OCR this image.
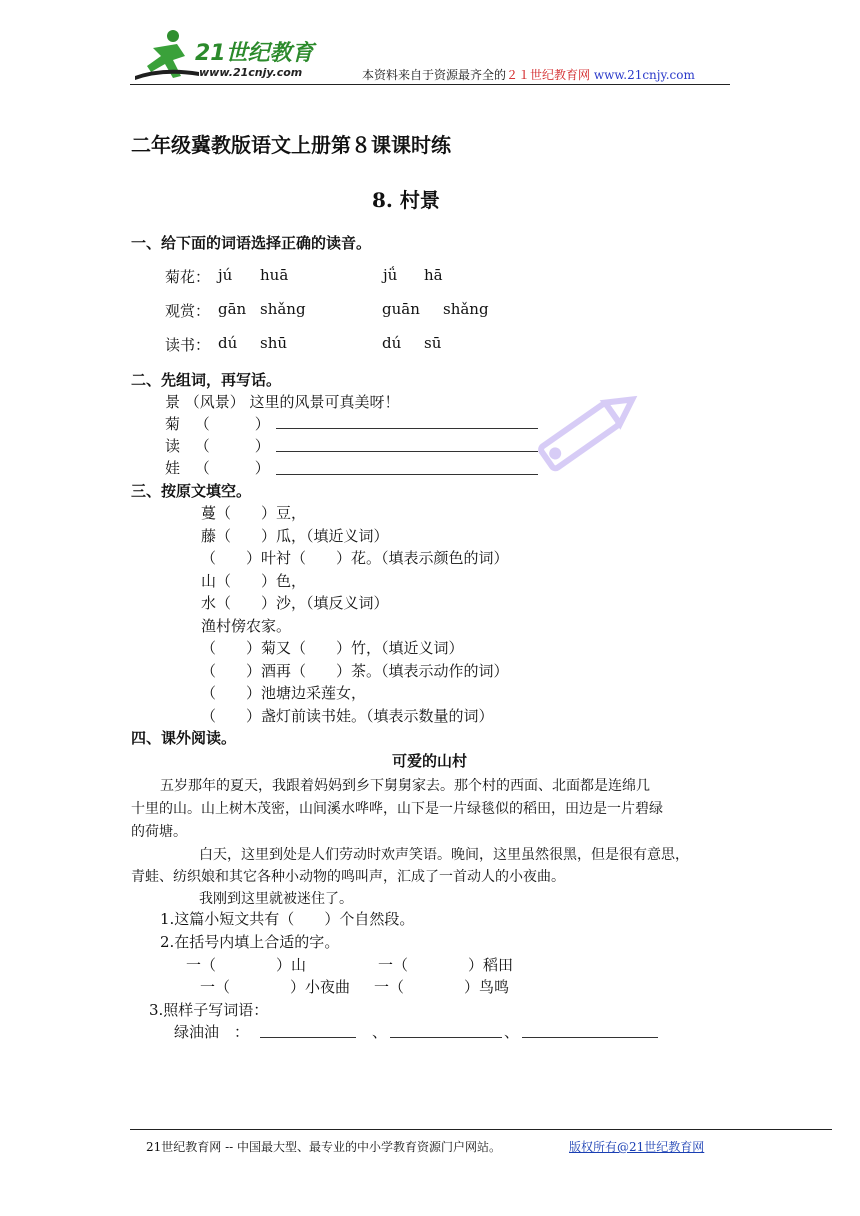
21世纪教育
www.21cnjy.com	本资料来自于资源最齐全的２１世纪教育网 www.21cnjy.com
二年级冀教版语文上册第８课课时练
8. 村景
一、给下面的词语选择正确的读音。
菊花： jú huā	jǘ hā
观赏： gān shǎng	guān shǎng
读书： dú shū	dú sū
二、先组词，再写话。
景 （风景） 这里的风景可真美呀！
菊 （　　　）
读 （　　　）
娃 （　　　）
三、按原文填空。
蔓（　　）豆，
藤（　　）瓜，（填近义词）
（　　）叶衬（　　）花。（填表示颜色的词）
山（　　）色，
水（　　）沙，（填反义词）
渔村傍农家。
（　　）菊又（　　）竹，（填近义词）
（　　）酒再（　　）茶。（填表示动作的词）
（　　）池塘边采莲女，
（　　）盏灯前读书娃。（填表示数量的词）
四、课外阅读。
可爱的山村
五岁那年的夏天，我跟着妈妈到乡下舅舅家去。那个村的西面、北面都是连绵几
十里的山。山上树木茂密，山间溪水哗哗，山下是一片绿毯似的稻田，田边是一片碧绿
的荷塘。
白天，这里到处是人们劳动时欢声笑语。晚间，这里虽然很黑，但是很有意思，
青蛙、纺织娘和其它各种小动物的鸣叫声，汇成了一首动人的小夜曲。
我刚到这里就被迷住了。
1.这篇小短文共有（　　）个自然段。
2.在括号内填上合适的字。
一（　　　　）山	一（　　　　）稻田
一（　　　　）小夜曲 一（　　　　）鸟鸣
3.照样子写词语：
绿油油　：	、	、
21世纪教育网 -- 中国最大型、最专业的中小学教育资源门户网站。	版权所有@21世纪教育网
